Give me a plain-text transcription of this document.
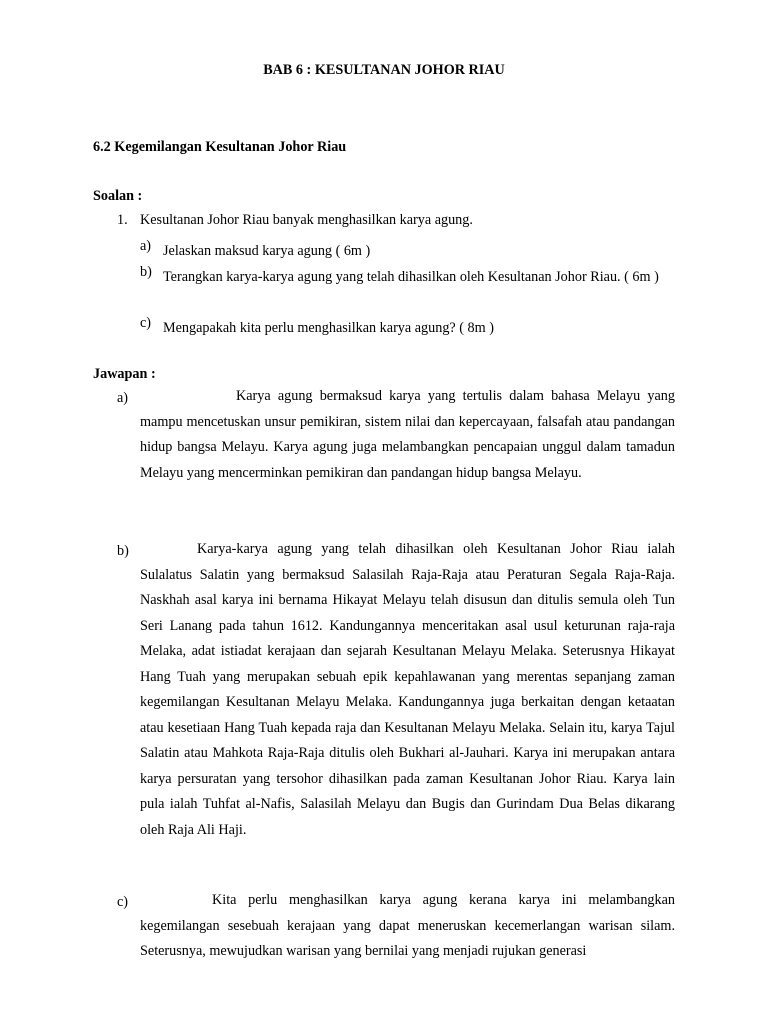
BAB 6 : KESULTANAN JOHOR RIAU
6.2 Kegemilangan Kesultanan Johor Riau
Soalan :
1. Kesultanan Johor Riau banyak menghasilkan karya agung.
a) Jelaskan maksud karya agung ( 6m )
b) Terangkan karya-karya agung yang telah dihasilkan oleh Kesultanan Johor Riau. ( 6m )
c) Mengapakah kita perlu menghasilkan karya agung? ( 8m )
Jawapan :
a)	Karya agung bermaksud karya yang tertulis dalam bahasa Melayu yang mampu mencetuskan unsur pemikiran, sistem nilai dan kepercayaan, falsafah atau pandangan hidup bangsa Melayu. Karya agung juga melambangkan pencapaian unggul dalam tamadun Melayu yang mencerminkan pemikiran dan pandangan hidup bangsa Melayu.
b)	Karya-karya agung yang telah dihasilkan oleh Kesultanan Johor Riau ialah Sulalatus Salatin yang bermaksud Salasilah Raja-Raja atau Peraturan Segala Raja-Raja. Naskhah asal karya ini bernama Hikayat Melayu telah disusun dan ditulis semula oleh Tun Seri Lanang pada tahun 1612. Kandungannya menceritakan asal usul keturunan raja-raja Melaka, adat istiadat kerajaan dan sejarah Kesultanan Melayu Melaka. Seterusnya Hikayat Hang Tuah yang merupakan sebuah epik kepahlawanan yang merentas sepanjang zaman kegemilangan Kesultanan Melayu Melaka. Kandungannya juga berkaitan dengan ketaatan atau kesetiaan Hang Tuah kepada raja dan Kesultanan Melayu Melaka. Selain itu, karya Tajul Salatin atau Mahkota Raja-Raja ditulis oleh Bukhari al-Jauhari. Karya ini merupakan antara karya persuratan yang tersohor dihasilkan pada zaman Kesultanan Johor Riau. Karya lain pula ialah Tuhfat al-Nafis, Salasilah Melayu dan Bugis dan Gurindam Dua Belas dikarang oleh Raja Ali Haji.
c)	Kita perlu menghasilkan karya agung kerana karya ini melambangkan kegemilangan sesebuah kerajaan yang dapat meneruskan kecemerlangan warisan silam. Seterusnya, mewujudkan warisan yang bernilai yang menjadi rujukan generasi
